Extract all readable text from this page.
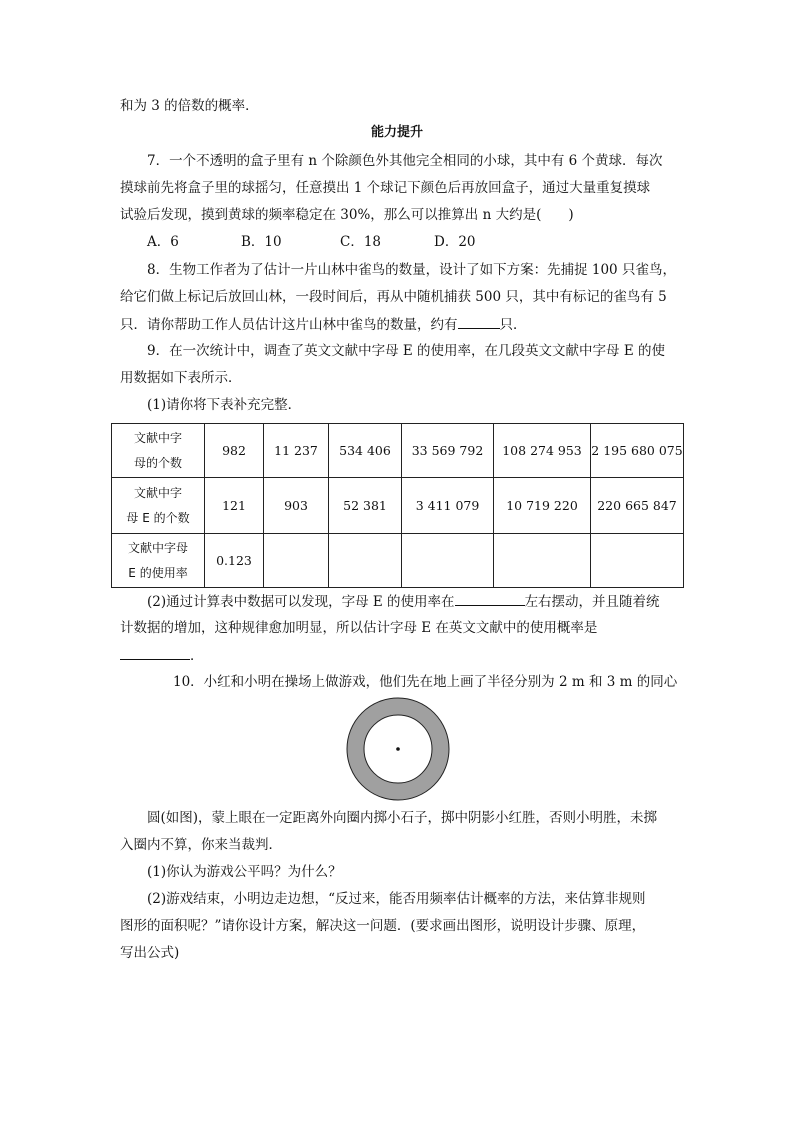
和为 3 的倍数的概率．
能力提升
7．一个不透明的盒子里有 n 个除颜色外其他完全相同的小球，其中有 6 个黄球．每次
摸球前先将盒子里的球摇匀，任意摸出 1 个球记下颜色后再放回盒子，通过大量重复摸球
试验后发现，摸到黄球的频率稳定在 30%，那么可以推算出 n 大约是(　　)
A．6	B．10	C．18	D．20
8．生物工作者为了估计一片山林中雀鸟的数量，设计了如下方案：先捕捉 100 只雀鸟，
给它们做上标记后放回山林，一段时间后，再从中随机捕获 500 只，其中有标记的雀鸟有 5
只．请你帮助工作人员估计这片山林中雀鸟的数量，约有	只．
9．在一次统计中，调查了英文文献中字母 E 的使用率，在几段英文文献中字母 E 的使
用数据如下表所示．
(1)请你将下表补充完整．
文献中字
母的个数	982	11 237	534 406	33 569 792	108 274 953	2 195 680 075

文献中字
母 E 的个数	121	903	52 381	3 411 079	10 719 220	220 665 847

文献中字母
E 的使用率	0.123					
(2)通过计算表中数据可以发现，字母 E 的使用率在	左右摆动，并且随着统
计数据的增加，这种规律愈加明显，所以估计字母 E 在英文文献中的使用概率是
．
10．小红和小明在操场上做游戏，他们先在地上画了半径分别为 2 m 和 3 m 的同心
圆(如图)，蒙上眼在一定距离外向圈内掷小石子，掷中阴影小红胜，否则小明胜，未掷
入圈内不算，你来当裁判．
(1)你认为游戏公平吗？为什么？
(2)游戏结束，小明边走边想，“反过来，能否用频率估计概率的方法，来估算非规则
图形的面积呢？”请你设计方案，解决这一问题．(要求画出图形，说明设计步骤、原理，
写出公式)
